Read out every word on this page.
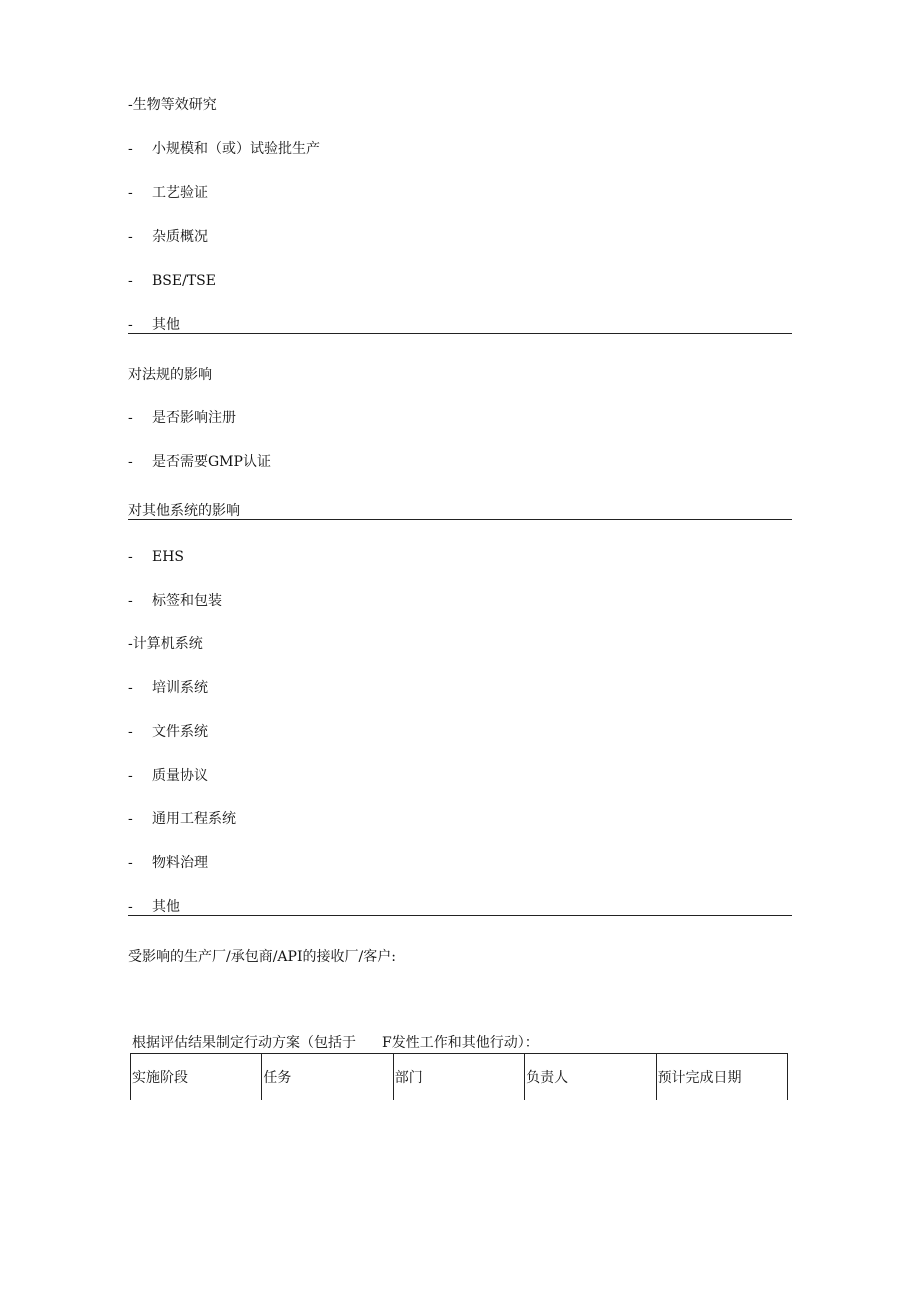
-生物等效研究
- 小规模和（或）试验批生产
- 工艺验证
- 杂质概况
- BSE/TSE
- 其他
对法规的影响
- 是否影响注册
- 是否需要GMP认证
对其他系统的影响
- EHS
- 标签和包装
-计算机系统
- 培训系统
- 文件系统
- 质量协议
- 通用工程系统
- 物料治理
- 其他
受影响的生产厂/承包商/API的接收厂/客户:
根据评估结果制定行动方案（包括于 F发性工作和其他行动）：
实施阶段	任务	部门	负责人	预计完成日期
